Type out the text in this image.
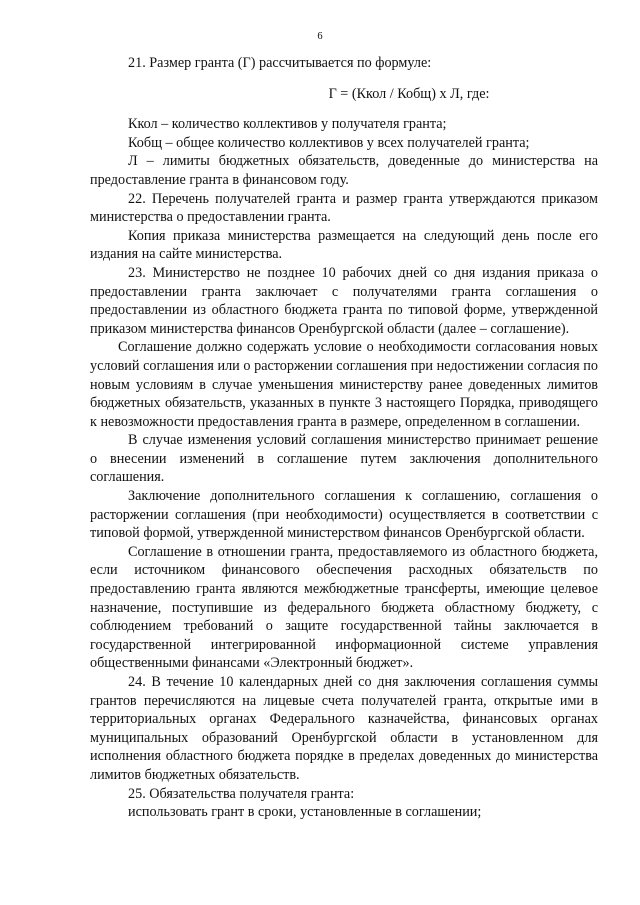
6

21. Размер гранта (Г) рассчитывается по формуле:

Г = (Ккол / Кобщ) х Л, где:

Ккол – количество коллективов у получателя гранта;

Кобщ – общее количество коллективов у всех получателей гранта;

Л – лимиты бюджетных обязательств, доведенные до министерства на предоставление гранта в финансовом году.

22. Перечень получателей гранта и размер гранта утверждаются приказом министерства о предоставлении гранта.

Копия приказа министерства размещается на следующий день после его издания на сайте министерства.

23. Министерство не позднее 10 рабочих дней со дня издания приказа о предоставлении гранта заключает с получателями гранта соглашения о предоставлении из областного бюджета гранта по типовой форме, утвержденной приказом министерства финансов Оренбургской области (далее – соглашение).

Соглашение должно содержать условие о необходимости согласования новых условий соглашения или о расторжении соглашения при недостижении согласия по новым условиям в случае уменьшения министерству ранее доведенных лимитов бюджетных обязательств, указанных в пункте 3 настоящего Порядка, приводящего к невозможности предоставления гранта в размере, определенном в соглашении.

В случае изменения условий соглашения министерство принимает решение о внесении изменений в соглашение путем заключения дополнительного соглашения.

Заключение дополнительного соглашения к соглашению, соглашения о расторжении соглашения (при необходимости) осуществляется в соответствии с типовой формой, утвержденной министерством финансов Оренбургской области.

Соглашение в отношении гранта, предоставляемого из областного бюджета, если источником финансового обеспечения расходных обязательств по предоставлению гранта являются межбюджетные трансферты, имеющие целевое назначение, поступившие из федерального бюджета областному бюджету, с соблюдением требований о защите государственной тайны заключается в государственной интегрированной информационной системе управления общественными финансами «Электронный бюджет».

24. В течение 10 календарных дней со дня заключения соглашения суммы грантов перечисляются на лицевые счета получателей гранта, открытые ими в территориальных органах Федерального казначейства, финансовых органах муниципальных образований Оренбургской области в установленном для исполнения областного бюджета порядке в пределах доведенных до министерства лимитов бюджетных обязательств.

25. Обязательства получателя гранта:

использовать грант в сроки, установленные в соглашении;
